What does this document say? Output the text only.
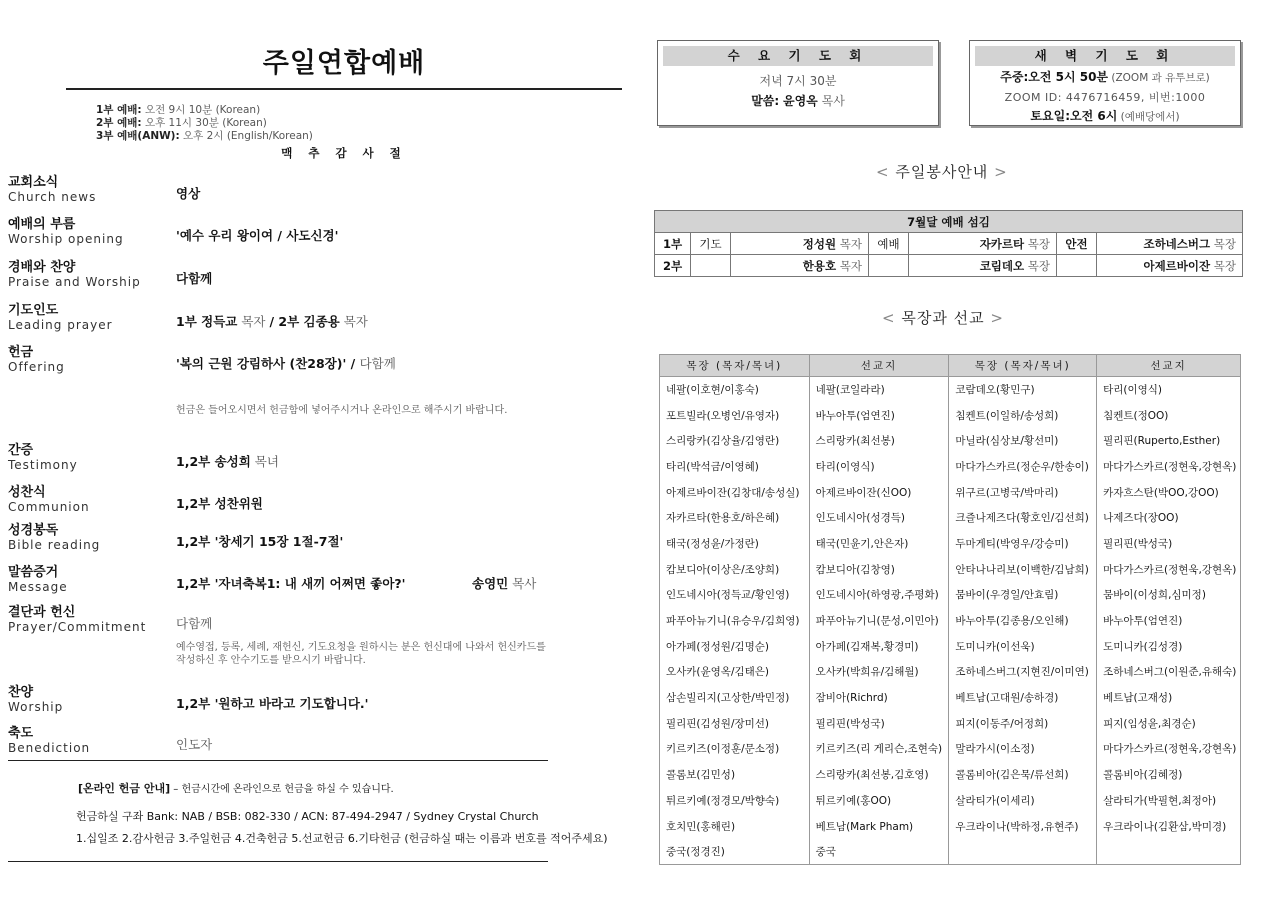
주일연합예배
1부 예배: 오전 9시 10분 (Korean)
2부 예배: 오후 11시 30분 (Korean)
3부 예배(ANW): 오후 2시 (English/Korean)
맥 추 감 사 절
교회소식
Church news	영상
예배의 부름
Worship opening	'예수 우리 왕이여 / 사도신경'
경배와 찬양
Praise and Worship	다함께
기도인도
Leading prayer	1부 정득교 목자 / 2부 김종용 목자
헌금
Offering	'복의 근원 강림하사 (찬28장)' / 다함께
간증
Testimony	1,2부 송성희 목녀
성찬식
Communion	1,2부 성찬위원
성경봉독
Bible reading	1,2부 '창세기 15장 1절-7절'
말씀증거
Message	1,2부 '자녀축복1: 내 새끼 어쩌면 좋아?'	송영민 목사
결단과 헌신
Prayer/Commitment	다함께
찬양
Worship	1,2부 '원하고 바라고 기도합니다.'
축도
Benediction	인도자
헌금은 들어오시면서 헌금함에 넣어주시거나 온라인으로 해주시기 바랍니다.
예수영접, 등록, 세례, 재헌신, 기도요청을 원하시는 분은 헌신대에 나와서 헌신카드를 작성하신 후 안수기도를 받으시기 바랍니다.
[온라인 헌금 안내] – 헌금시간에 온라인으로 헌금을 하실 수 있습니다.
헌금하실 구좌 Bank: NAB / BSB: 082-330 / ACN: 87-494-2947 / Sydney Crystal Church
1.십일조 2.감사헌금 3.주일헌금 4.건축헌금 5.선교헌금 6.기타헌금 (헌금하실 때는 이름과 번호를 적어주세요)
수 요 기 도 회
저녁 7시 30분
말씀: 윤영옥 목사
새 벽 기 도 회
주중:오전 5시 50분 (ZOOM 과 유투브로)
ZOOM ID: 4476716459, 비번:1000
토요일:오전 6시 (예배당에서)
< 주일봉사안내 >
7월달 예배 섬김						
1부	기도	정성원 목자	예배	자카르타 목장	안전	조하네스버그 목장
2부		한용호 목자		코림데오 목장		아제르바이잔 목장
< 목장과 선교 >
목장 (목자/목녀)	선교지	목장 (목자/목녀)	선교지
네팔(이호현/이홍숙)	네팔(코일라라)	코람데오(황민구)	타리(이영식)
포트빌라(오병언/유영자)	바누아투(엄연진)	침켄트(이일하/송성희)	침켄트(정OO)
스리랑카(김상율/김영란)	스리랑카(최선봉)	마닐라(심상보/황선미)	필리핀(Ruperto,Esther)
타리(박석금/이영혜)	타리(이영식)	마다가스카르(정순우/한송이)	마다가스카르(정현욱,강현옥)
아제르바이잔(김창대/송성실)	아제르바이잔(신OO)	위구르(고병국/박마리)	카자흐스탄(박OO,강OO)
자카르타(한용호/하은혜)	인도네시아(성경득)	크즐나제즈다(황호인/김선희)	나제즈다(장OO)
태국(정성윤/가정란)	태국(민윤기,안은자)	두마게티(박영우/강승미)	필리핀(박성국)
캄보디아(이상은/조양희)	캄보디아(김창영)	안타나나리보(이백한/김남희)	마다가스카르(정현욱,강현옥)
인도네시아(정득교/황인영)	인도네시아(하영광,주평화)	뭄바이(우경일/안효림)	뭄바이(이성희,심미정)
파푸아뉴기니(유승우/김희영)	파푸아뉴기니(문성,이민아)	바누아투(김종용/오인해)	바누아투(엄연진)
아가페(정성원/김명순)	아가페(김재복,황경미)	도미니카(이선욱)	도미니카(김성경)
오사카(윤영옥/김태은)	오사카(박희유/김해월)	조하네스버그(지현진/이미연)	조하네스버그(이원준,유해숙)
삼손빌리지(고상한/박민정)	잠비아(Richrd)	베트남(고대원/송하경)	베트남(고재성)
필리핀(김성원/장미선)	필리핀(박성국)	피지(이동주/어정희)	피지(임성윤,최경순)
키르키즈(이정훈/문소정)	키르키즈(리 게리슨,조현숙)	말라가시(이소정)	마다가스카르(정현욱,강현옥)
콜롬보(김민성)	스리랑카(최선봉,김호영)	콜롬비아(김은묵/류선희)	콜롬비아(김혜정)
튀르키예(정경모/박향숙)	튀르키예(홍OO)	살라티가(이세리)	살라티가(박필현,최정아)
호치민(홍해린)	베트남(Mark Pham)	우크라이나(박하정,유현주)	우크라이나(김환삼,박미경)
중국(정경진)	중국		
